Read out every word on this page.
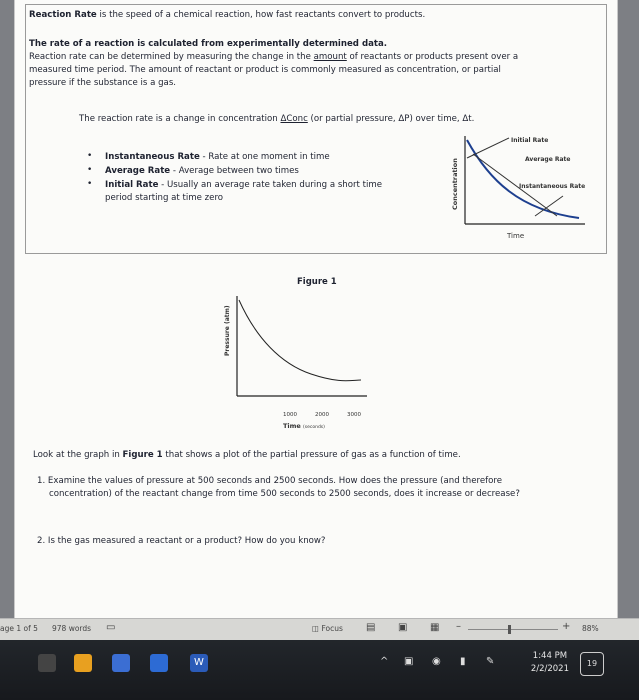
Reaction Rate is the speed of a chemical reaction, how fast reactants convert to products.
The rate of a reaction is calculated from experimentally determined data.
Reaction rate can be determined by measuring the change in the amount of reactants or products present over a
measured time period. The amount of reactant or product is commonly measured as concentration, or partial
pressure if the substance is a gas.
The reaction rate is a change in concentration ΔConc (or partial pressure, ΔP) over time, Δt.
• Instantaneous Rate - Rate at one moment in time
• Average Rate - Average between two times
• Initial Rate - Usually an average rate taken during a short time
period starting at time zero
Initial Rate
Average Rate
Instantaneous Rate
Time
Concentration
Figure 1
1000	2000	3000
Time (seconds)
Pressure (atm)
Look at the graph in Figure 1 that shows a plot of the partial pressure of gas as a function of time.
1. Examine the values of pressure at 500 seconds and 2500 seconds. How does the pressure (and therefore
concentration) of the reactant change from time 500 seconds to 2500 seconds, does it increase or decrease?
2. Is the gas measured a reactant or a product? How do you know?
age 1 of 5 978 words ▭	◫ Focus ▤ ▣ ▦ –	+ 88%
W	^ ▣ ◉ ▮ ✎	1:44 PM
2/2/2021
19
